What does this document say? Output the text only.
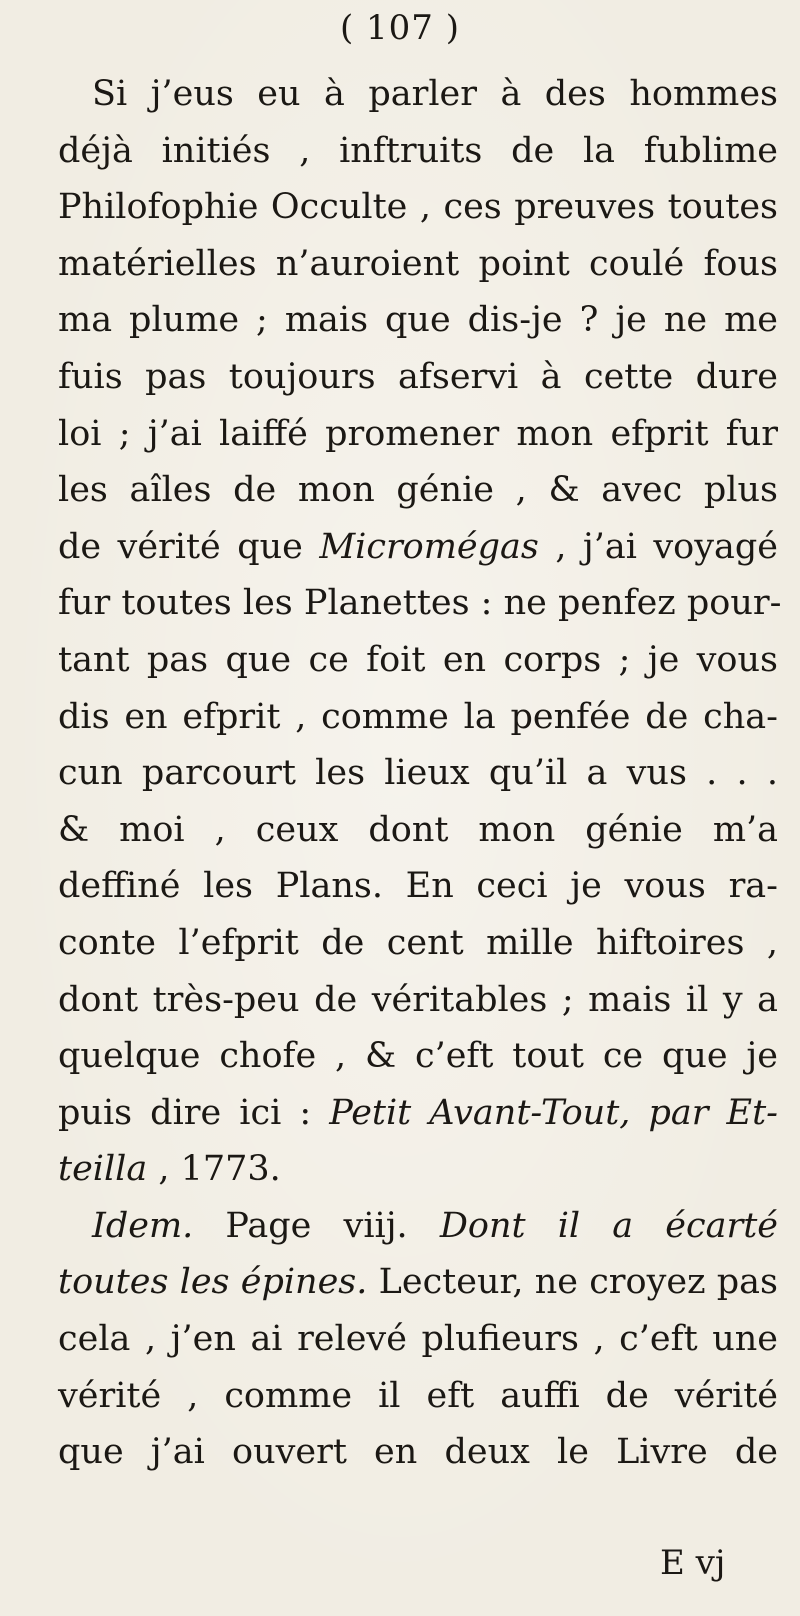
( 107 )
Si j’eus eu à parler à des hommes
déjà initiés , inftruits de la fublime
Philofophie Occulte , ces preuves toutes
matérielles n’auroient point coulé fous
ma plume ; mais que dis-je ? je ne me
fuis pas toujours afservi à cette dure
loi ; j’ai laiffé promener mon efprit fur
les aîles de mon génie , & avec plus
de vérité que Micromégas , j’ai voyagé
fur toutes les Planettes : ne penfez pour-
tant pas que ce foit en corps ; je vous
dis en efprit , comme la penfée de cha-
cun parcourt les lieux qu’il a vus . . .
& moi , ceux dont mon génie m’a
deffiné les Plans. En ceci je vous ra-
conte l’efprit de cent mille hiftoires ,
dont très-peu de véritables ; mais il y a
quelque chofe , & c’eft tout ce que je
puis dire ici : Petit Avant-Tout, par Et-
teilla , 1773.
Idem. Page viij. Dont il a écarté
toutes les épines. Lecteur, ne croyez pas
cela , j’en ai relevé plufieurs , c’eft une
vérité , comme il eft auffi de vérité
que j’ai ouvert en deux le Livre de
E vj
